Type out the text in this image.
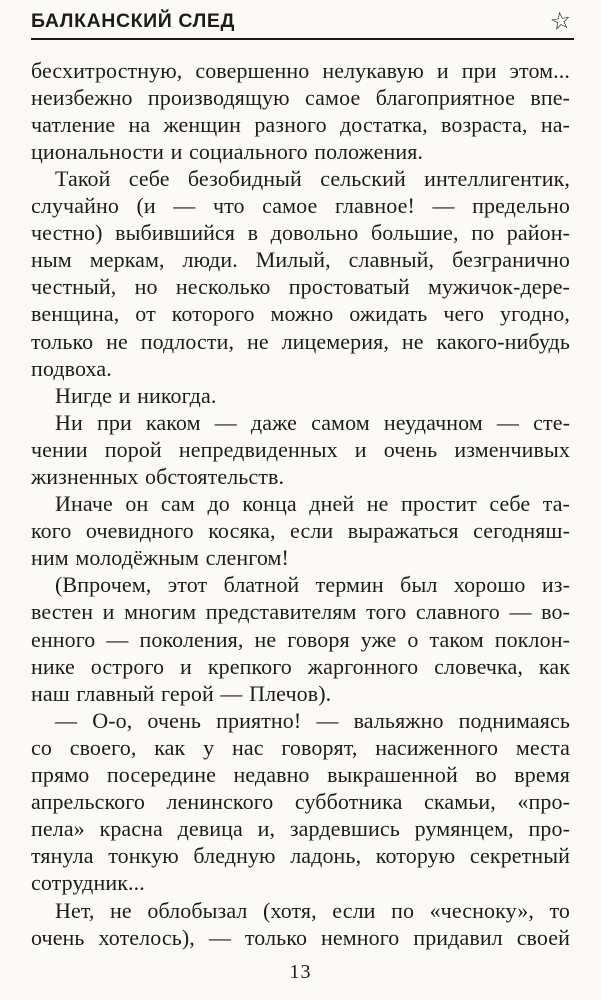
БАЛКАНСКИЙ СЛЕД	☆
бесхитростную, совершенно нелукавую и при этом...
неизбежно производящую самое благоприятное впе-
чатление на женщин разного достатка, возраста, на-
циональности и социального положения.
Такой себе безобидный сельский интеллигентик,
случайно (и — что самое главное! — предельно
честно) выбившийся в довольно большие, по район-
ным меркам, люди. Милый, славный, безгранично
честный, но несколько простоватый мужичок-дере-
венщина, от которого можно ожидать чего угодно,
только не подлости, не лицемерия, не какого-нибудь
подвоха.
Нигде и никогда.
Ни при каком — даже самом неудачном — сте-
чении порой непредвиденных и очень изменчивых
жизненных обстоятельств.
Иначе он сам до конца дней не простит себе та-
кого очевидного косяка, если выражаться сегодняш-
ним молодёжным сленгом!
(Впрочем, этот блатной термин был хорошо из-
вестен и многим представителям того славного — во-
енного — поколения, не говоря уже о таком поклон-
нике острого и крепкого жаргонного словечка, как
наш главный герой — Плечов).
— О-о, очень приятно! — вальяжно поднимаясь
со своего, как у нас говорят, насиженного места
прямо посередине недавно выкрашенной во время
апрельского ленинского субботника скамьи, «про-
пела» красна девица и, зардевшись румянцем, про-
тянула тонкую бледную ладонь, которую секретный
сотрудник...
Нет, не облобызал (хотя, если по «чесноку», то
очень хотелось), — только немного придавил своей
13
